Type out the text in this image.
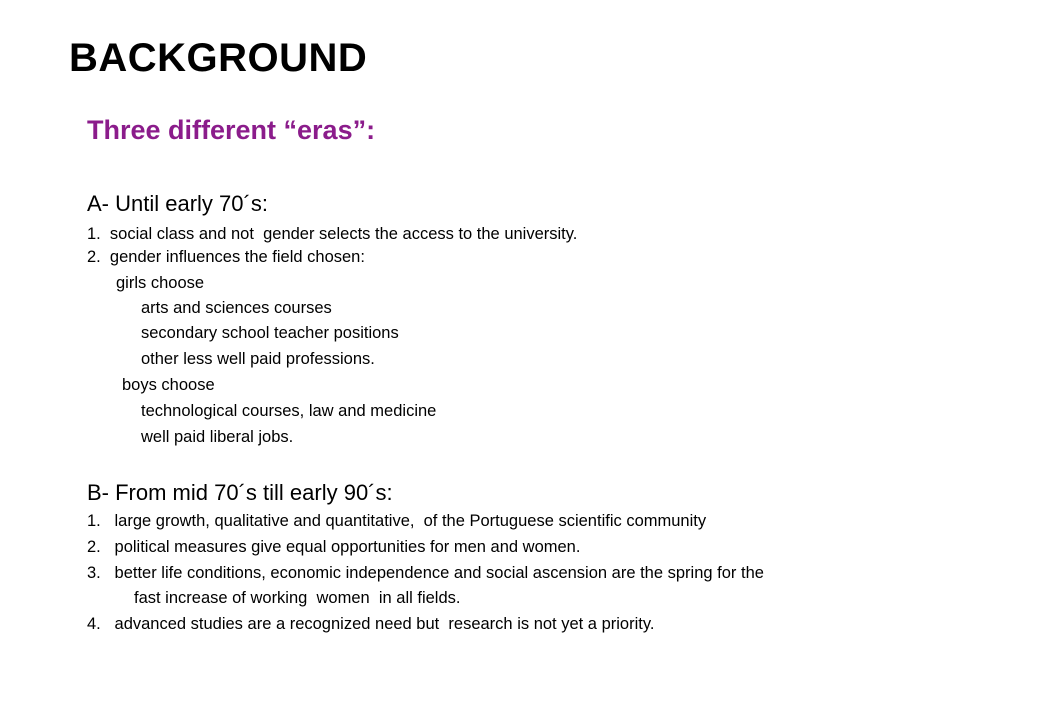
BACKGROUND
Three different “eras”:
A- Until early 70´s:
1.  social class and not  gender selects the access to the university.
2.  gender influences the field chosen:
girls choose
arts and sciences courses
secondary school teacher positions
other less well paid professions.
boys choose
technological courses, law and medicine
well paid liberal jobs.
B- From mid 70´s till early 90´s:
1.   large growth, qualitative and quantitative,  of the Portuguese scientific community
2.   political measures give equal opportunities for men and women.
3.   better life conditions, economic independence and social ascension are the spring for the
fast increase of working  women  in all fields.
4.   advanced studies are a recognized need but  research is not yet a priority.
